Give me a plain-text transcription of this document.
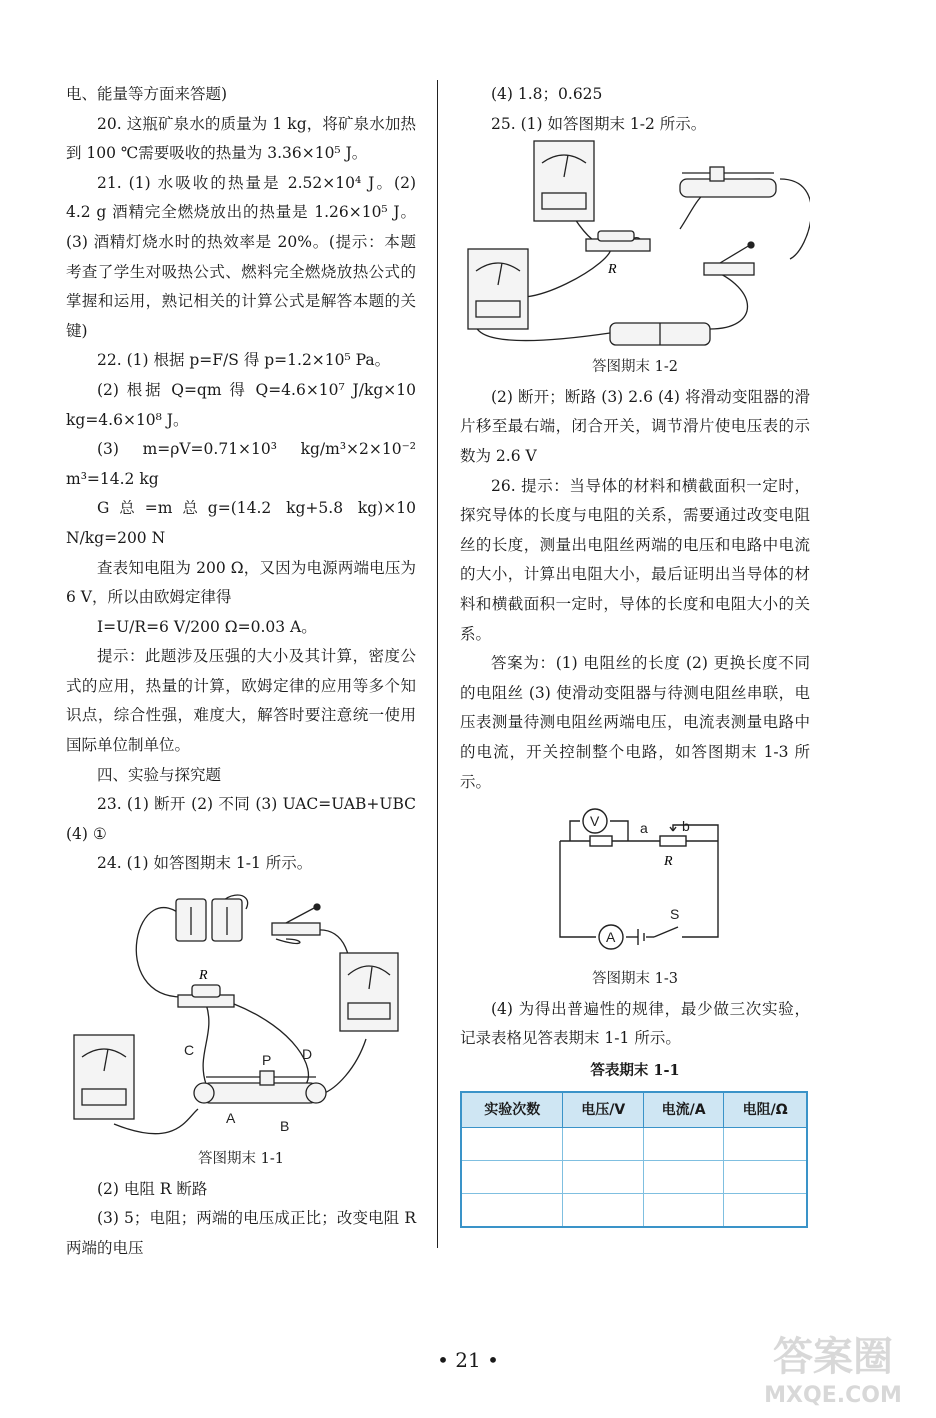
电、能量等方面来答题)

20. 这瓶矿泉水的质量为 1 kg，将矿泉水加热到 100 ℃需要吸收的热量为 3.36×10⁵ J。

21. (1) 水吸收的热量是 2.52×10⁴ J。(2) 4.2 g 酒精完全燃烧放出的热量是 1.26×10⁵ J。(3) 酒精灯烧水时的热效率是 20%。(提示：本题考查了学生对吸热公式、燃料完全燃烧放热公式的掌握和运用，熟记相关的计算公式是解答本题的关键)

22. (1) 根据 p=F/S 得 p=1.2×10⁵ Pa。

(2) 根据 Q=qm 得 Q=4.6×10⁷ J/kg×10 kg=4.6×10⁸ J。

(3) m=ρV=0.71×10³ kg/m³×2×10⁻² m³=14.2 kg

G总=m总g=(14.2 kg+5.8 kg)×10 N/kg=200 N

查表知电阻为 200 Ω，又因为电源两端电压为 6 V，所以由欧姆定律得

I=U/R=6 V/200 Ω=0.03 A。

提示：此题涉及压强的大小及其计算，密度公式的应用，热量的计算，欧姆定律的应用等多个知识点，综合性强，难度大，解答时要注意统一使用国际单位制单位。

四、实验与探究题

23. (1) 断开 (2) 不同 (3) UAC=UAB+UBC (4) ①

24. (1) 如答图期末 1-1 所示。

R
C
P D
A	B

答图期末 1-1

(2) 电阻 R 断路

(3) 5；电阻；两端的电压成正比；改变电阻 R 两端的电压

(4) 1.8；0.625

25. (1) 如答图期末 1-2 所示。

R

答图期末 1-2

(2) 断开；断路 (3) 2.6 (4) 将滑动变阻器的滑片移至最右端，闭合开关，调节滑片使电压表的示数为 2.6 V

26. 提示：当导体的材料和横截面积一定时，探究导体的长度与电阻的关系，需要通过改变电阻丝的长度，测量出电阻丝两端的电压和电路中电流的大小，计算出电阻大小，最后证明出当导体的材料和横截面积一定时，导体的长度和电阻大小的关系。

答案为：(1) 电阻丝的长度 (2) 更换长度不同的电阻丝 (3) 使滑动变阻器与待测电阻丝串联，电压表测量待测电阻丝两端电压，电流表测量电路中的电流，开关控制整个电路，如答图期末 1-3 所示。

V	a b
A
S
R

答图期末 1-3

(4) 为得出普遍性的规律，最少做三次实验，记录表格见答表期末 1-1 所示。

答表期末 1-1

实验次数	电压/V	电流/A	电阻/Ω

• 21 •	答案圈
MXQE.COM
